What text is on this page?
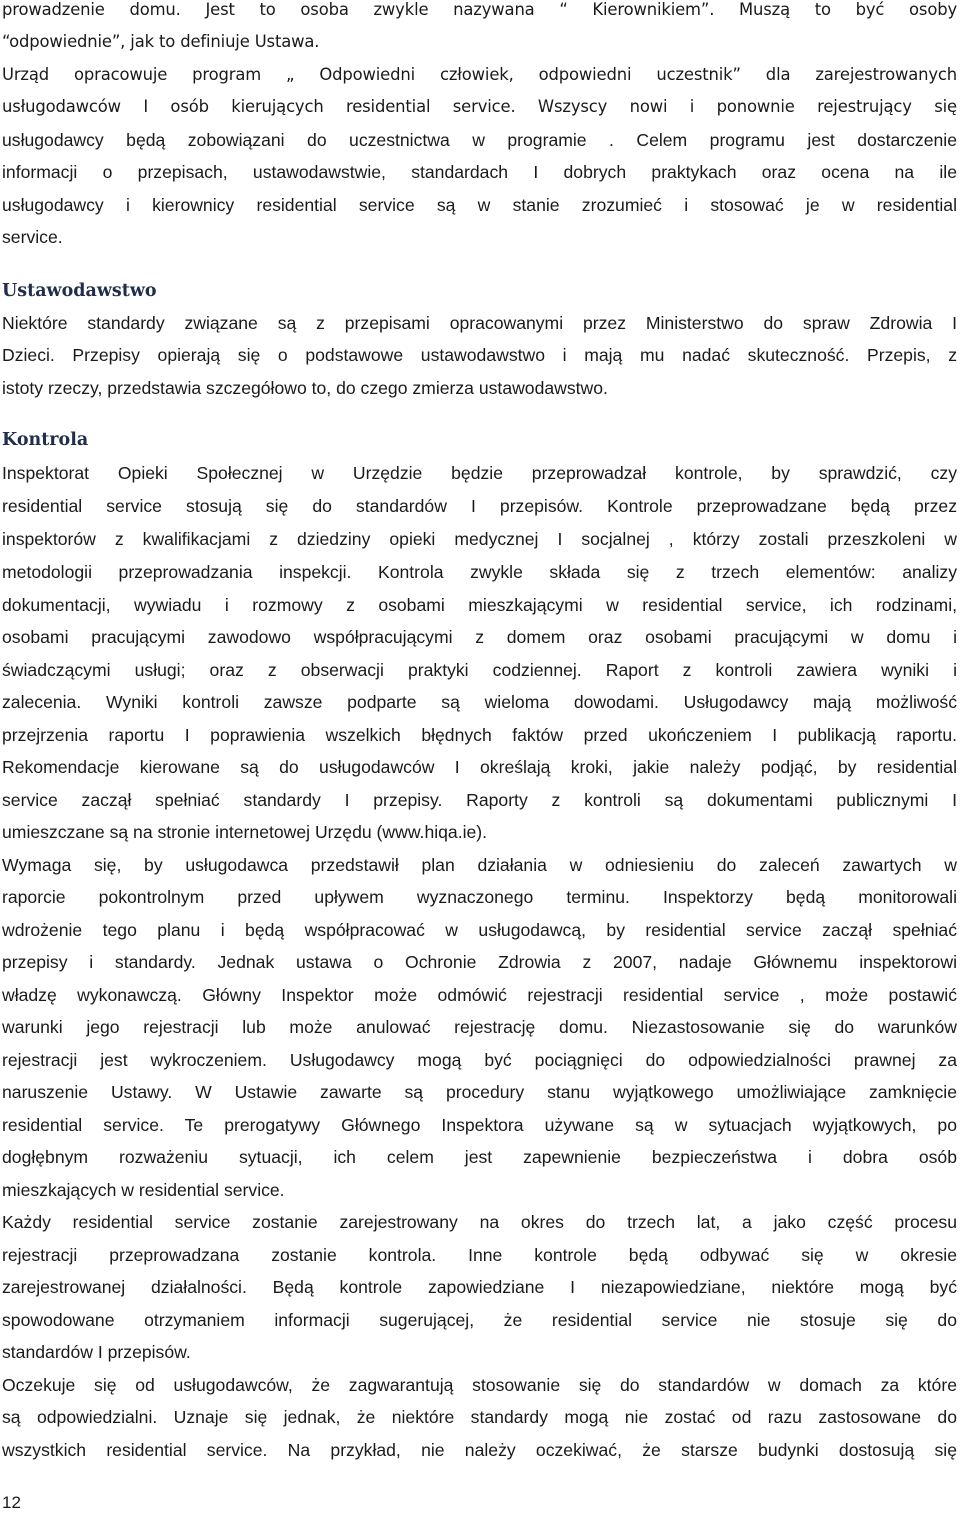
prowadzenie domu. Jest to osoba zwykle nazywana “ Kierownikiem”. Muszą to być osoby
“odpowiednie”, jak to definiuje Ustawa.
Urząd opracowuje program „ Odpowiedni człowiek, odpowiedni uczestnik” dla zarejestrowanych
usługodawców I osób kierujących residential service. Wszyscy nowi i ponownie rejestrujący się
usługodawcy będą zobowiązani do uczestnictwa w programie . Celem programu jest dostarczenie
informacji o przepisach, ustawodawstwie, standardach I dobrych praktykach oraz ocena na ile
usługodawcy i kierownicy residential service są w stanie zrozumieć i stosować je w residential
service.
Ustawodawstwo
Niektóre standardy związane są z przepisami opracowanymi przez Ministerstwo do spraw Zdrowia I
Dzieci. Przepisy opierają się o podstawowe ustawodawstwo i mają mu nadać skuteczność. Przepis, z
istoty rzeczy, przedstawia szczegółowo to, do czego zmierza ustawodawstwo.
Kontrola
Inspektorat Opieki Społecznej w Urzędzie będzie przeprowadzał kontrole, by sprawdzić, czy
residential service stosują się do standardów I przepisów. Kontrole przeprowadzane będą przez
inspektorów z kwalifikacjami z dziedziny opieki medycznej I socjalnej , którzy zostali przeszkoleni w
metodologii przeprowadzania inspekcji. Kontrola zwykle składa się z trzech elementów: analizy
dokumentacji, wywiadu i rozmowy z osobami mieszkającymi w residential service, ich rodzinami,
osobami pracującymi zawodowo współpracującymi z domem oraz osobami pracującymi w domu i
świadczącymi usługi; oraz z obserwacji praktyki codziennej. Raport z kontroli zawiera wyniki i
zalecenia. Wyniki kontroli zawsze podparte są wieloma dowodami. Usługodawcy mają możliwość
przejrzenia raportu I poprawienia wszelkich błędnych faktów przed ukończeniem I publikacją raportu.
Rekomendacje kierowane są do usługodawców I określają kroki, jakie należy podjąć, by residential
service zaczął spełniać standardy I przepisy. Raporty z kontroli są dokumentami publicznymi I
umieszczane są na stronie internetowej Urzędu (www.hiqa.ie).
Wymaga się, by usługodawca przedstawił plan działania w odniesieniu do zaleceń zawartych w
raporcie pokontrolnym przed upływem wyznaczonego terminu. Inspektorzy będą monitorowali
wdrożenie tego planu i będą współpracować w usługodawcą, by residential service zaczął spełniać
przepisy i standardy. Jednak ustawa o Ochronie Zdrowia z 2007, nadaje Głównemu inspektorowi
władzę wykonawczą. Główny Inspektor może odmówić rejestracji residential service , może postawić
warunki jego rejestracji lub może anulować rejestrację domu. Niezastosowanie się do warunków
rejestracji jest wykroczeniem. Usługodawcy mogą być pociągnięci do odpowiedzialności prawnej za
naruszenie Ustawy. W Ustawie zawarte są procedury stanu wyjątkowego umożliwiające zamknięcie
residential service. Te prerogatywy Głównego Inspektora używane są w sytuacjach wyjątkowych, po
dogłębnym rozważeniu sytuacji, ich celem jest zapewnienie bezpieczeństwa i dobra osób
mieszkających w residential service.
Każdy residential service zostanie zarejestrowany na okres do trzech lat, a jako część procesu
rejestracji przeprowadzana zostanie kontrola. Inne kontrole będą odbywać się w okresie
zarejestrowanej działalności. Będą kontrole zapowiedziane I niezapowiedziane, niektóre mogą być
spowodowane otrzymaniem informacji sugerującej, że residential service nie stosuje się do
standardów I przepisów.
Oczekuje się od usługodawców, że zagwarantują stosowanie się do standardów w domach za które
są odpowiedzialni. Uznaje się jednak, że niektóre standardy mogą nie zostać od razu zastosowane do
wszystkich residential service. Na przykład, nie należy oczekiwać, że starsze budynki dostosują się
12
